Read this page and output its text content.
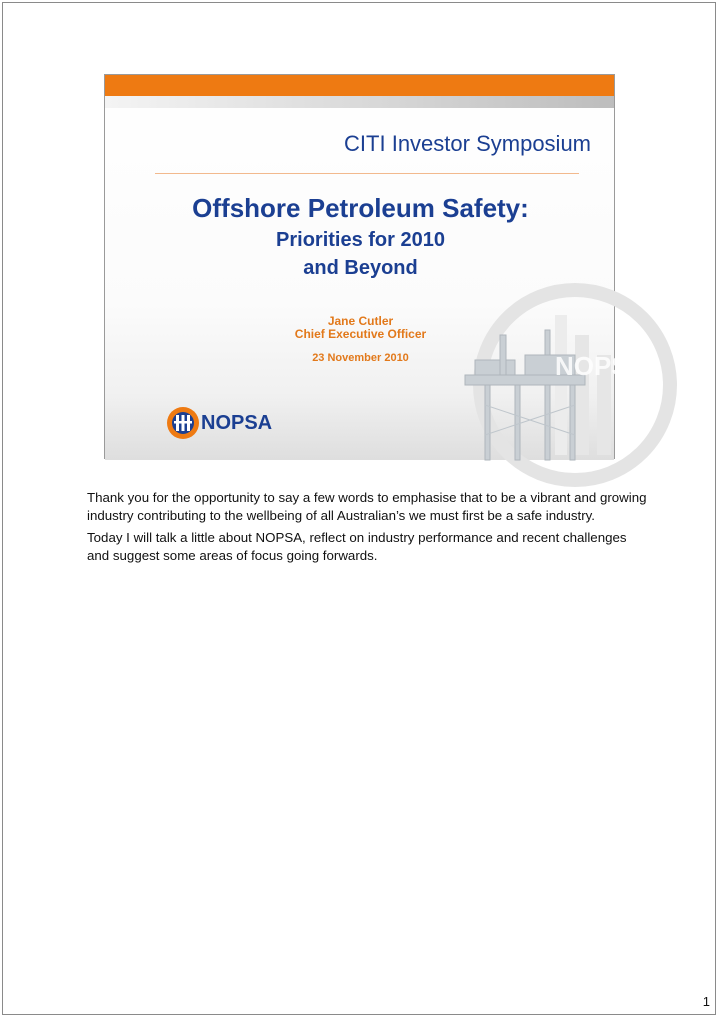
NOPSA
CITI Investor Symposium
Offshore Petroleum Safety:
Priorities for 2010
and Beyond
Jane Cutler
Chief Executive Officer
23 November 2010
NOPSA

Thank you for the opportunity to say a few words to emphasise that to be a vibrant and growing industry contributing to the wellbeing of all Australian’s we must first be a safe industry.

Today I will talk a little about NOPSA, reflect on industry performance and recent challenges and suggest some areas of focus going forwards.

1
